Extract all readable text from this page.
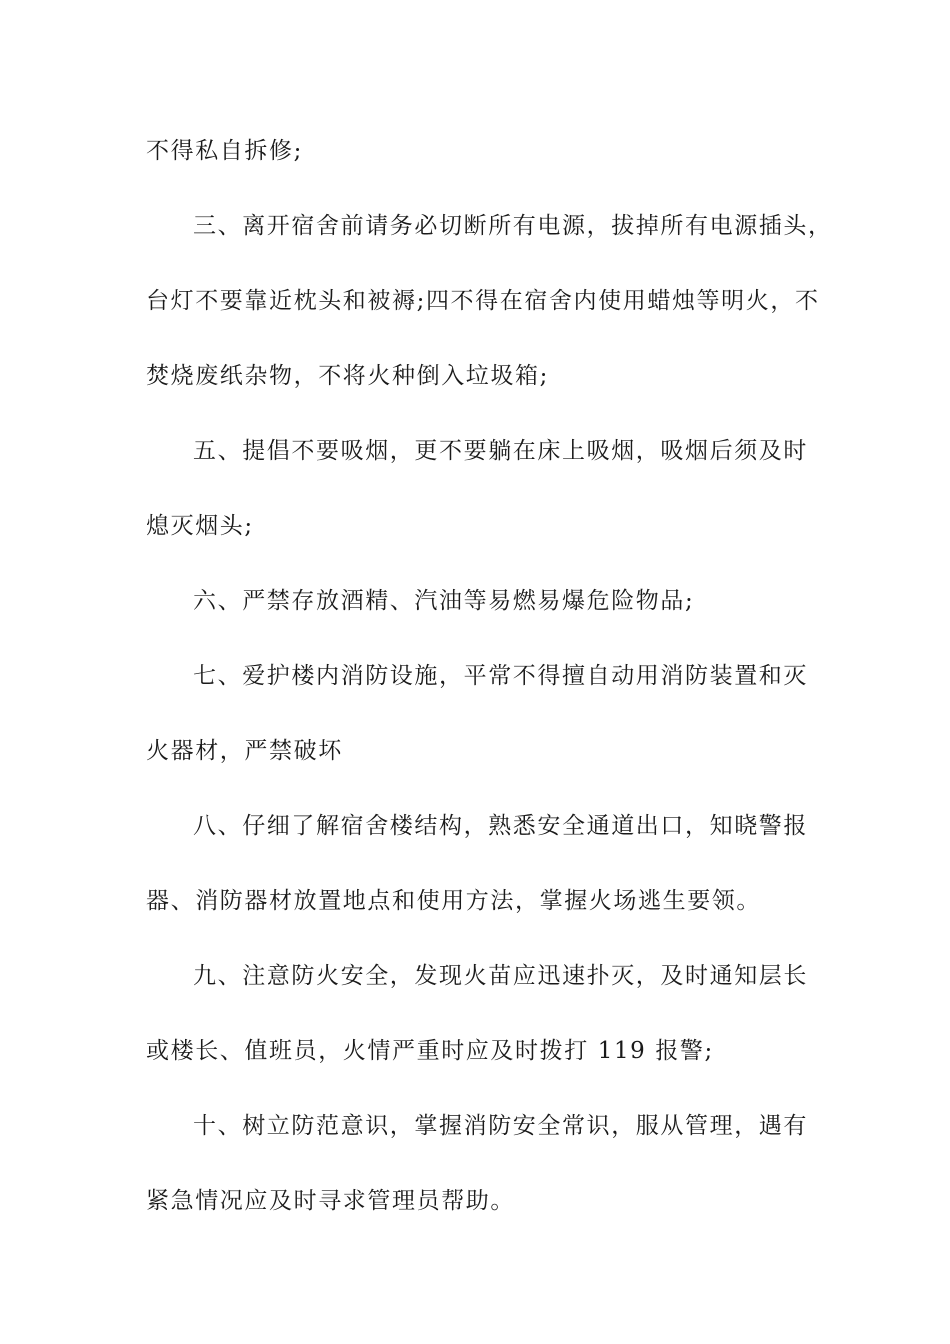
不得私自拆修;
三、离开宿舍前请务必切断所有电源，拔掉所有电源插头，
台灯不要靠近枕头和被褥;四不得在宿舍内使用蜡烛等明火，不
焚烧废纸杂物，不将火种倒入垃圾箱;
五、提倡不要吸烟，更不要躺在床上吸烟，吸烟后须及时
熄灭烟头;
六、严禁存放酒精、汽油等易燃易爆危险物品;
七、爱护楼内消防设施，平常不得擅自动用消防装置和灭
火器材，严禁破坏
八、仔细了解宿舍楼结构，熟悉安全通道出口，知晓警报
器、消防器材放置地点和使用方法，掌握火场逃生要领。
九、注意防火安全，发现火苗应迅速扑灭，及时通知层长
或楼长、值班员，火情严重时应及时拨打 119 报警;
十、树立防范意识，掌握消防安全常识，服从管理，遇有
紧急情况应及时寻求管理员帮助。
